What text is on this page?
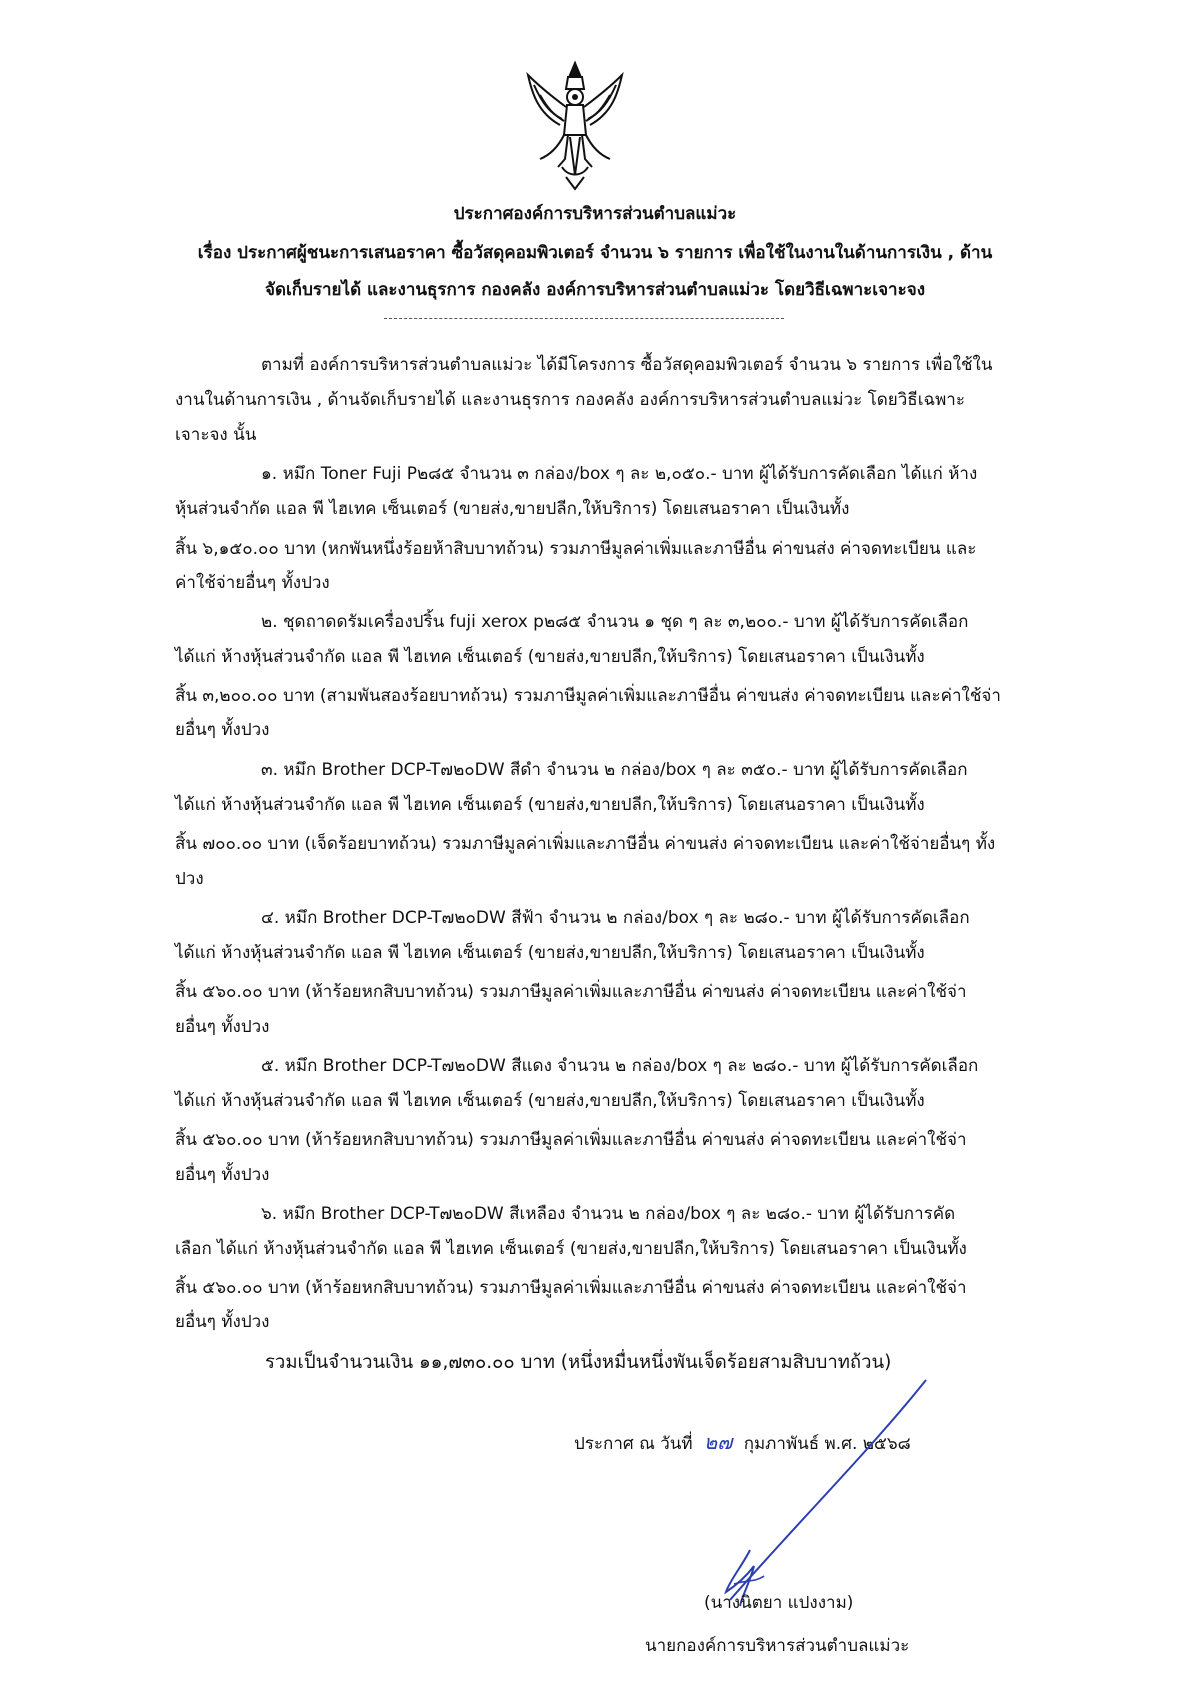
ประกาศองค์การบริหารส่วนตำบลแม่วะ
เรื่อง ประกาศผู้ชนะการเสนอราคา ซื้อวัสดุคอมพิวเตอร์ จำนวน ๖ รายการ เพื่อใช้ในงานในด้านการเงิน , ด้าน
จัดเก็บรายได้ และงานธุรการ กองคลัง องค์การบริหารส่วนตำบลแม่วะ โดยวิธีเฉพาะเจาะจง
ตามที่ องค์การบริหารส่วนตำบลแม่วะ ได้มีโครงการ ซื้อวัสดุคอมพิวเตอร์ จำนวน ๖ รายการ เพื่อใช้ใน
งานในด้านการเงิน , ด้านจัดเก็บรายได้ และงานธุรการ กองคลัง องค์การบริหารส่วนตำบลแม่วะ โดยวิธีเฉพาะ
เจาะจง นั้น
๑. หมึก Toner Fuji P๒๘๕ จำนวน ๓ กล่อง/box ๆ ละ ๒,๐๕๐.- บาท ผู้ได้รับการคัดเลือก ได้แก่ ห้าง
หุ้นส่วนจำกัด แอล พี ไฮเทค เซ็นเตอร์ (ขายส่ง,ขายปลีก,ให้บริการ) โดยเสนอราคา เป็นเงินทั้ง
สิ้น ๖,๑๕๐.๐๐ บาท (หกพันหนึ่งร้อยห้าสิบบาทถ้วน) รวมภาษีมูลค่าเพิ่มและภาษีอื่น ค่าขนส่ง ค่าจดทะเบียน และ
ค่าใช้จ่ายอื่นๆ ทั้งปวง
๒. ชุดถาดดรัมเครื่องปริ้น fuji xerox p๒๘๕ จำนวน ๑ ชุด ๆ ละ ๓,๒๐๐.- บาท ผู้ได้รับการคัดเลือก
ได้แก่ ห้างหุ้นส่วนจำกัด แอล พี ไฮเทค เซ็นเตอร์ (ขายส่ง,ขายปลีก,ให้บริการ) โดยเสนอราคา เป็นเงินทั้ง
สิ้น ๓,๒๐๐.๐๐ บาท (สามพันสองร้อยบาทถ้วน) รวมภาษีมูลค่าเพิ่มและภาษีอื่น ค่าขนส่ง ค่าจดทะเบียน และค่าใช้จ่า
ยอื่นๆ ทั้งปวง
๓. หมึก Brother DCP-T๗๒๐DW สีดำ จำนวน ๒ กล่อง/box ๆ ละ ๓๕๐.- บาท ผู้ได้รับการคัดเลือก
ได้แก่ ห้างหุ้นส่วนจำกัด แอล พี ไฮเทค เซ็นเตอร์ (ขายส่ง,ขายปลีก,ให้บริการ) โดยเสนอราคา เป็นเงินทั้ง
สิ้น ๗๐๐.๐๐ บาท (เจ็ดร้อยบาทถ้วน) รวมภาษีมูลค่าเพิ่มและภาษีอื่น ค่าขนส่ง ค่าจดทะเบียน และค่าใช้จ่ายอื่นๆ ทั้ง
ปวง
๔. หมึก Brother DCP-T๗๒๐DW สีฟ้า จำนวน ๒ กล่อง/box ๆ ละ ๒๘๐.- บาท ผู้ได้รับการคัดเลือก
ได้แก่ ห้างหุ้นส่วนจำกัด แอล พี ไฮเทค เซ็นเตอร์ (ขายส่ง,ขายปลีก,ให้บริการ) โดยเสนอราคา เป็นเงินทั้ง
สิ้น ๕๖๐.๐๐ บาท (ห้าร้อยหกสิบบาทถ้วน) รวมภาษีมูลค่าเพิ่มและภาษีอื่น ค่าขนส่ง ค่าจดทะเบียน และค่าใช้จ่า
ยอื่นๆ ทั้งปวง
๕. หมึก Brother DCP-T๗๒๐DW สีแดง จำนวน ๒ กล่อง/box ๆ ละ ๒๘๐.- บาท ผู้ได้รับการคัดเลือก
ได้แก่ ห้างหุ้นส่วนจำกัด แอล พี ไฮเทค เซ็นเตอร์ (ขายส่ง,ขายปลีก,ให้บริการ) โดยเสนอราคา เป็นเงินทั้ง
สิ้น ๕๖๐.๐๐ บาท (ห้าร้อยหกสิบบาทถ้วน) รวมภาษีมูลค่าเพิ่มและภาษีอื่น ค่าขนส่ง ค่าจดทะเบียน และค่าใช้จ่า
ยอื่นๆ ทั้งปวง
๖. หมึก Brother DCP-T๗๒๐DW สีเหลือง จำนวน ๒ กล่อง/box ๆ ละ ๒๘๐.- บาท ผู้ได้รับการคัด
เลือก ได้แก่ ห้างหุ้นส่วนจำกัด แอล พี ไฮเทค เซ็นเตอร์ (ขายส่ง,ขายปลีก,ให้บริการ) โดยเสนอราคา เป็นเงินทั้ง
สิ้น ๕๖๐.๐๐ บาท (ห้าร้อยหกสิบบาทถ้วน) รวมภาษีมูลค่าเพิ่มและภาษีอื่น ค่าขนส่ง ค่าจดทะเบียน และค่าใช้จ่า
ยอื่นๆ ทั้งปวง
รวมเป็นจำนวนเงิน ๑๑,๗๓๐.๐๐ บาท (หนึ่งหมื่นหนึ่งพันเจ็ดร้อยสามสิบบาทถ้วน)
ประกาศ ณ วันที่ ๒๗ กุมภาพันธ์ พ.ศ. ๒๕๖๘
(นางนิตยา แปงงาม)
นายกองค์การบริหารส่วนตำบลแม่วะ
